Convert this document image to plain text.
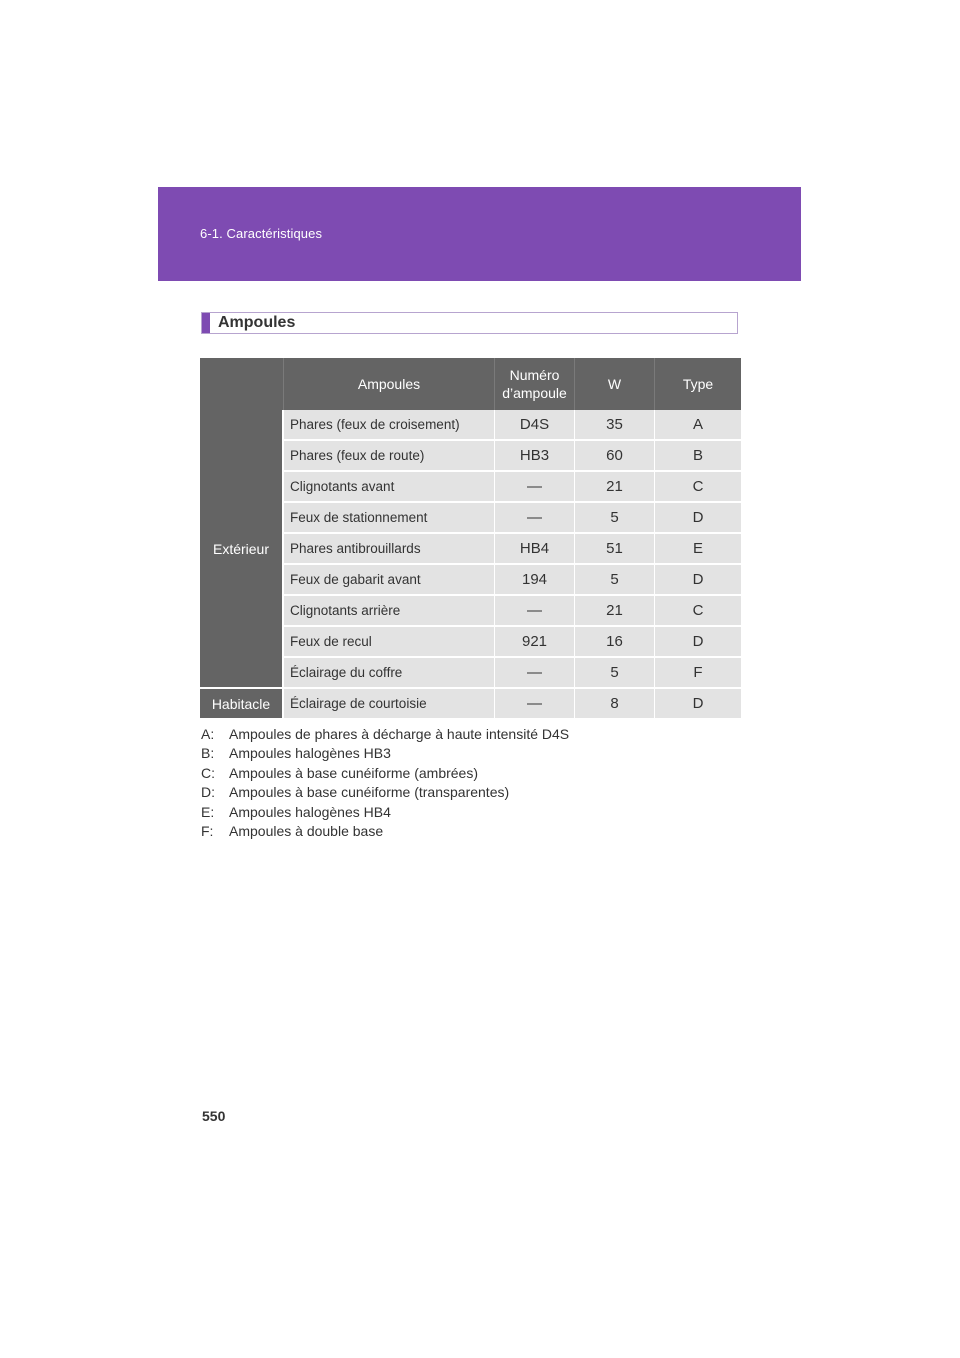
6-1. Caractéristiques
Ampoules
	Ampoules	Numéro d’ampoule	W	Type
Extérieur	Phares (feux de croisement)	D4S	35	A
	Phares (feux de route)	HB3	60	B
	Clignotants avant	—	21	C
	Feux de stationnement	—	5	D
	Phares antibrouillards	HB4	51	E
	Feux de gabarit avant	194	5	D
	Clignotants arrière	—	21	C
	Feux de recul	921	16	D
	Éclairage du coffre	—	5	F
Habitacle	Éclairage de courtoisie	—	8	D
A:	Ampoules de phares à décharge à haute intensité D4S
B:	Ampoules halogènes HB3
C:	Ampoules à base cunéiforme (ambrées)
D:	Ampoules à base cunéiforme (transparentes)
E:	Ampoules halogènes HB4
F:	Ampoules à double base
550
